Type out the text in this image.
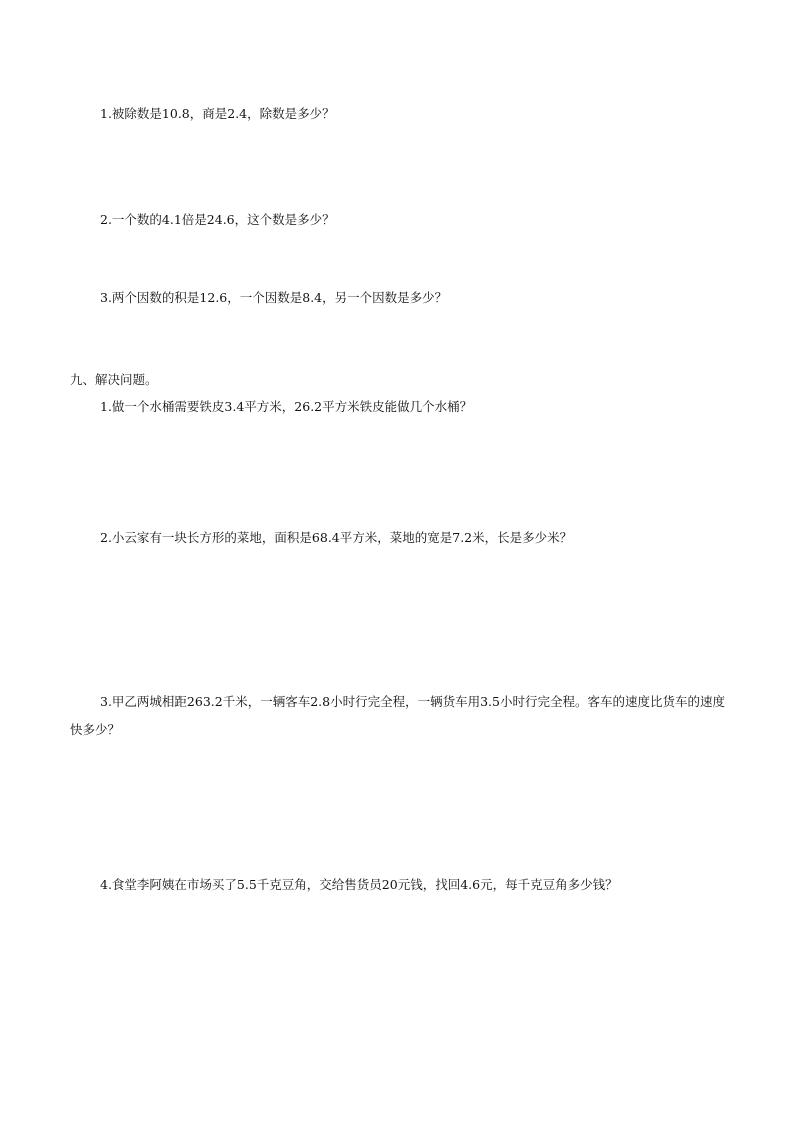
1.被除数是10.8，商是2.4，除数是多少？
2.一个数的4.1倍是24.6，这个数是多少？
3.两个因数的积是12.6，一个因数是8.4，另一个因数是多少？
九、解决问题。
1.做一个水桶需要铁皮3.4平方米，26.2平方米铁皮能做几个水桶？
2.小云家有一块长方形的菜地，面积是68.4平方米，菜地的宽是7.2米，长是多少米？
3.甲乙两城相距263.2千米，一辆客车2.8小时行完全程，一辆货车用3.5小时行完全程。客车的速度比货车的速度快多少？
4.食堂李阿姨在市场买了5.5千克豆角，交给售货员20元钱，找回4.6元，每千克豆角多少钱？
